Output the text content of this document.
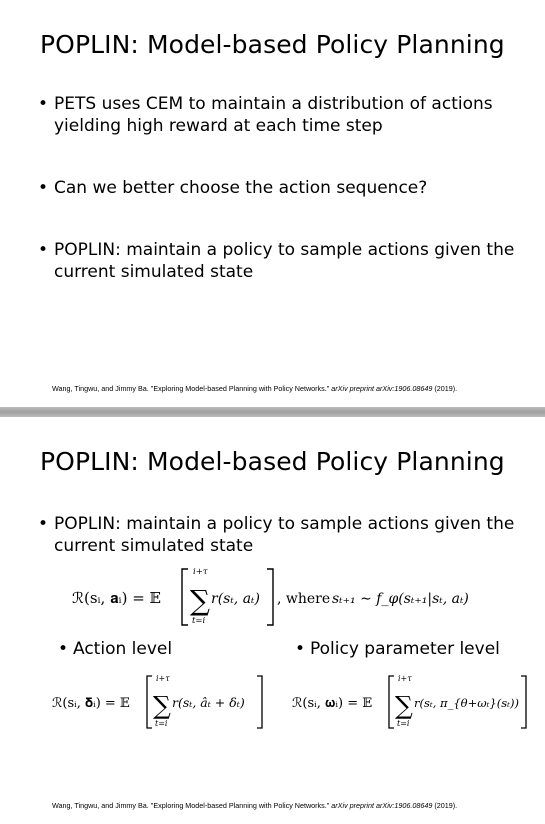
POPLIN: Model-based Policy Planning
• PETS uses CEM to maintain a distribution of actions yielding high reward at each time step
• Can we better choose the action sequence?
• POPLIN: maintain a policy to sample actions given the current simulated state
Wang, Tingwu, and Jimmy Ba. "Exploring Model-based Planning with Policy Networks." arXiv preprint arXiv:1906.08649 (2019).
POPLIN: Model-based Policy Planning
• POPLIN: maintain a policy to sample actions given the current simulated state
ℛ(sᵢ, 𝐚ᵢ) = 𝔼
i+τ
∑
t=i
r(sₜ, aₜ) , where sₜ₊₁ ∼ f_φ(sₜ₊₁|sₜ, aₜ)
• Action level	• Policy parameter level
ℛ(sᵢ, 𝛅ᵢ) = 𝔼
i+τ
∑
t=i
r(sₜ, âₜ + δₜ)	ℛ(sᵢ, 𝛚ᵢ) = 𝔼
i+τ
∑
t=i
r(sₜ, π_{θ+ωₜ}(sₜ))
Wang, Tingwu, and Jimmy Ba. "Exploring Model-based Planning with Policy Networks." arXiv preprint arXiv:1906.08649 (2019).
